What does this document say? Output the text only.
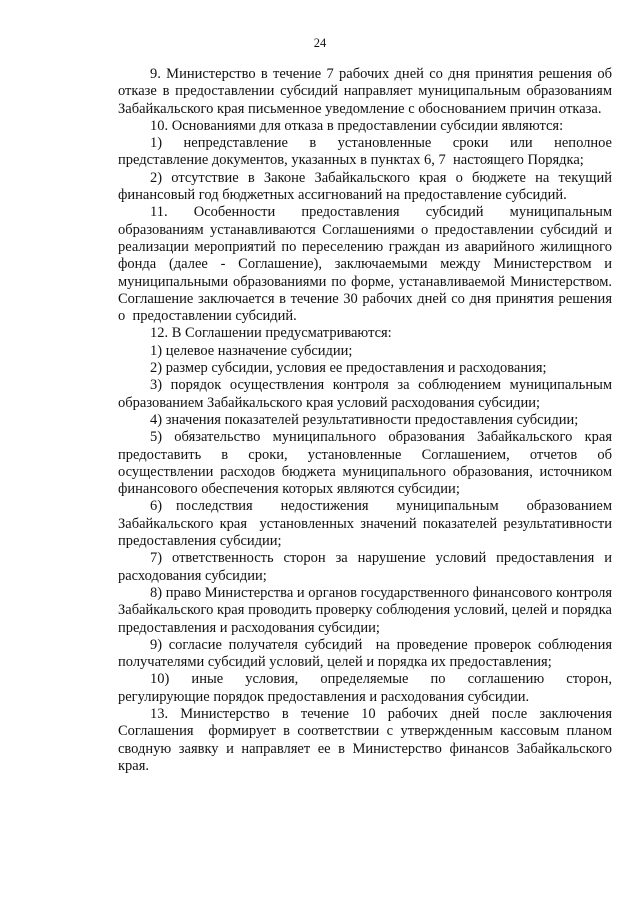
24

9. Министерство в течение 7 рабочих дней со дня принятия решения об отказе в предоставлении субсидий направляет муниципальным образованиям Забайкальского края письменное уведомление с обоснованием причин отказа.

10. Основаниями для отказа в предоставлении субсидии являются:

1)  непредставление  в  установленные  сроки  или  неполное представление документов, указанных в пунктах 6, 7  настоящего Порядка;

2) отсутствие в Законе Забайкальского края о бюджете на текущий финансовый год бюджетных ассигнований на предоставление субсидий.

11.  Особенности  предоставления  субсидий  муниципальным образованиям устанавливаются Соглашениями о предоставлении субсидий и реализации мероприятий по переселению граждан из аварийного жилищного фонда (далее - Соглашение), заключаемыми между Министерством и муниципальными образованиями по форме, устанавливаемой Министерством. Соглашение заключается в течение 30 рабочих дней со дня принятия решения о  предоставлении субсидий.

12. В Соглашении предусматриваются:

1) целевое назначение субсидии;

2) размер субсидии, условия ее предоставления и расходования;

3) порядок осуществления контроля за соблюдением муниципальным образованием Забайкальского края условий расходования субсидии;

4) значения показателей результативности предоставления субсидии;

5) обязательство муниципального образования Забайкальского края предоставить в сроки, установленные Соглашением, отчетов об осуществлении расходов бюджета муниципального образования, источником финансового обеспечения которых являются субсидии;

6) последствия  недостижения  муниципальным  образованием Забайкальского края  установленных значений показателей результативности предоставления субсидии;

7) ответственность сторон за нарушение условий предоставления и расходования субсидии;

8) право Министерства и органов государственного финансового контроля Забайкальского края проводить проверку соблюдения условий, целей и порядка предоставления и расходования субсидии;

9) согласие получателя субсидий  на проведение проверок соблюдения получателями субсидий условий, целей и порядка их предоставления;

10)  иные  условия,  определяемые  по  соглашению  сторон, регулирующие порядок предоставления и расходования субсидии.

13. Министерство в течение 10 рабочих дней после заключения Соглашения  формирует в соответствии с утвержденным кассовым планом сводную заявку и направляет ее в Министерство финансов Забайкальского края.
